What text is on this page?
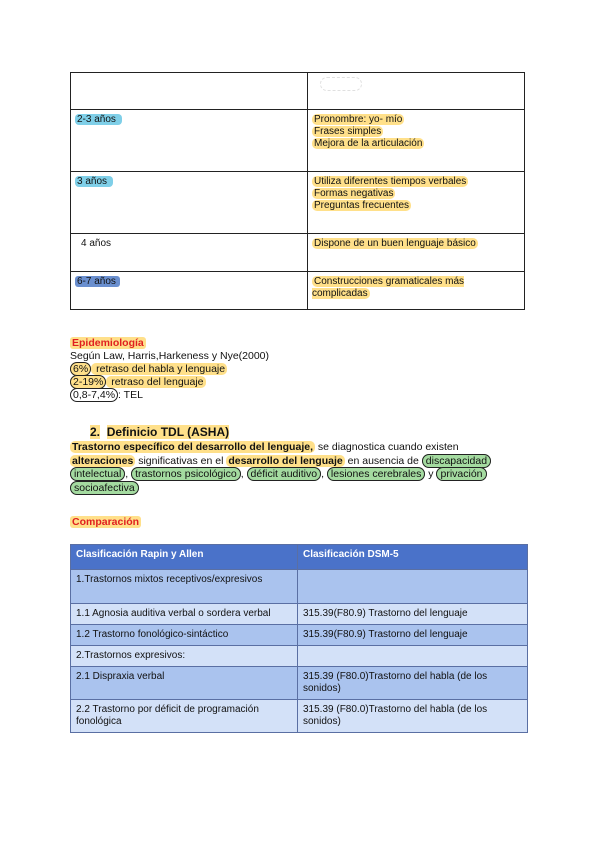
2-3 años	Pronombre: yo- mío
Frases simples
Mejora de la articulación
3 años	Utiliza diferentes tiempos verbales
Formas negativas
Preguntas frecuentes
4 años	Dispone de un buen lenguaje básico
6-7 años	Construcciones gramaticales más complicadas
Epidemiología
Según Law, Harris,Harkeness y Nye(2000)
6% retraso del habla y lenguaje
2-19% retraso del lenguaje
0,8-7,4% : TEL
2. Definicio TDL (ASHA)
Trastorno específico del desarrollo del lenguaje, se diagnostica cuando existen alteraciones significativas en el desarrollo del lenguaje en ausencia de discapacidad intelectual , trastornos psicológico , déficit auditivo , lesiones cerebrales y privación socioafectiva
Comparación
Clasificación Rapin y Allen	Clasificación DSM-5
1.Trastornos mixtos receptivos/expresivos	
1.1 Agnosia auditiva verbal o sordera verbal	315.39(F80.9) Trastorno del lenguaje
1.2 Trastorno fonológico-sintáctico	315.39(F80.9) Trastorno del lenguaje
2.Trastornos expresivos:	
2.1 Dispraxia verbal	315.39 (F80.0)Trastorno del habla (de los sonidos)
2.2 Trastorno por déficit de programación fonológica	315.39 (F80.0)Trastorno del habla (de los sonidos)
